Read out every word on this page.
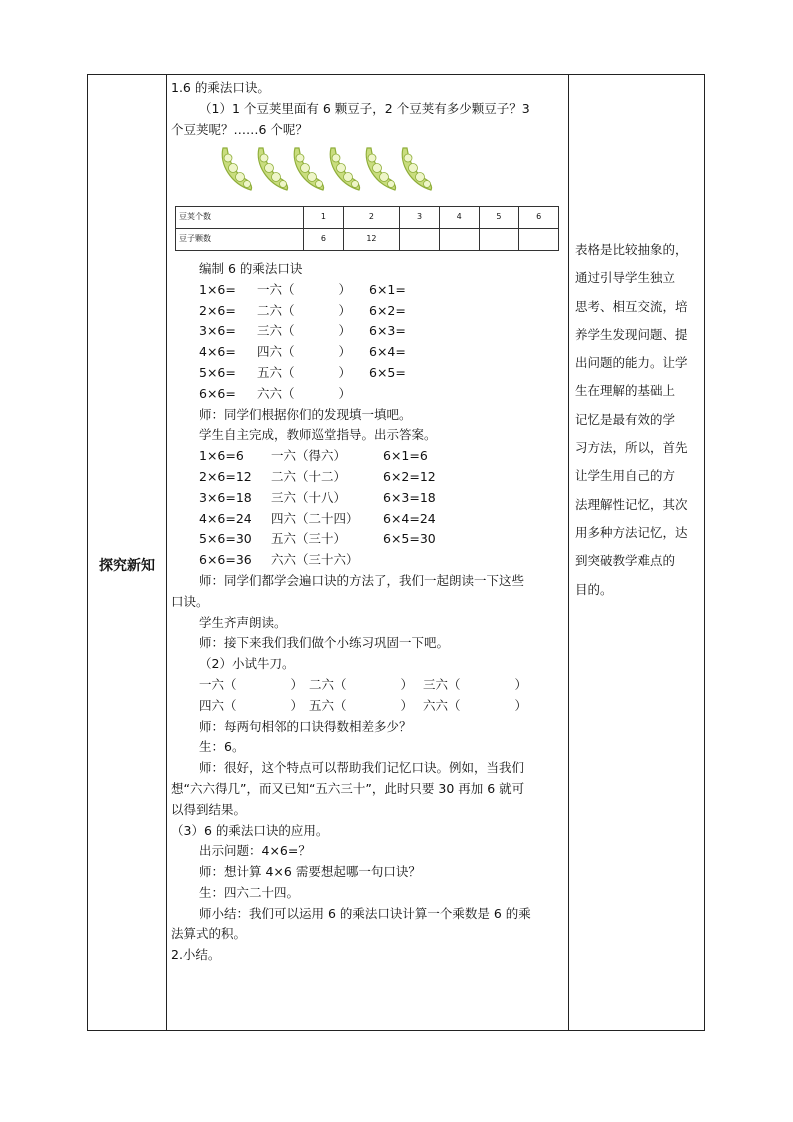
探究新知

1.6 的乘法口诀。

（1）1 个豆荚里面有 6 颗豆子，2 个豆荚有多少颗豆子？3

个豆荚呢？……6 个呢？

豆荚个数	1	2	3	4	5	6
豆子颗数	6	12				

编制 6 的乘法口诀

1×6=	一六（	）	6×1=
2×6=	二六（	）	6×2=
3×6=	三六（	）	6×3=
4×6=	四六（	）	6×4=
5×6=	五六（	）	6×5=
6×6=	六六（	）

师：同学们根据你们的发现填一填吧。

学生自主完成，教师巡堂指导。出示答案。

1×6=6	一六（得六）	6×1=6
2×6=12	二六（十二）	6×2=12
3×6=18	三六（十八）	6×3=18
4×6=24	四六（二十四）	6×4=24
5×6=30	五六（三十）	6×5=30
6×6=36	六六（三十六）

师：同学们都学会遍口诀的方法了，我们一起朗读一下这些

口诀。

学生齐声朗读。

师：接下来我们我们做个小练习巩固一下吧。

（2）小试牛刀。

一六（	） 二六（	） 三六（	）
四六（	） 五六（	） 六六（	）

师：每两句相邻的口诀得数相差多少？

生：6。

师：很好，这个特点可以帮助我们记忆口诀。例如，当我们

想“六六得几”，而又已知“五六三十”，此时只要 30 再加 6 就可

以得到结果。

（3）6 的乘法口诀的应用。

出示问题：4×6=？

师：想计算 4×6 需要想起哪一句口诀？

生：四六二十四。

师小结：我们可以运用 6 的乘法口诀计算一个乘数是 6 的乘

法算式的积。

2.小结。

表格是比较抽象的，
通过引导学生独立
思考、相互交流，培
养学生发现问题、提
出问题的能力。让学
生在理解的基础上
记忆是最有效的学
习方法，所以，首先
让学生用自己的方
法理解性记忆，其次
用多种方法记忆，达
到突破教学难点的
目的。
